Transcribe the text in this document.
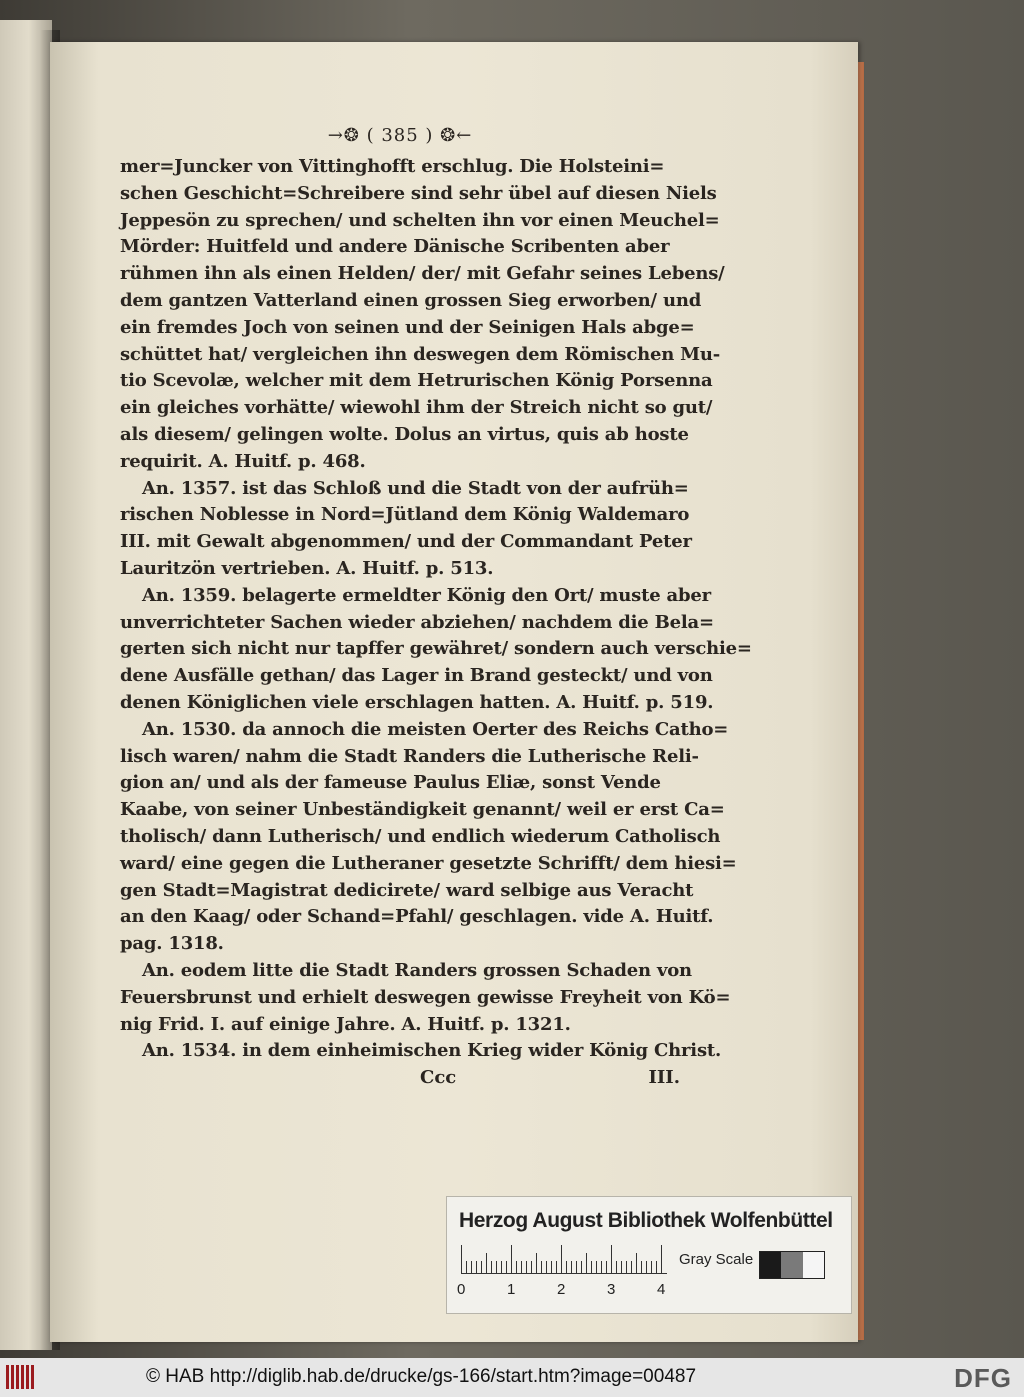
→❂ ( 385 ) ❂←
mer=Juncker von Vittinghofft erschlug. Die Holsteini=
schen Geschicht=Schreibere sind sehr übel auf diesen Niels
Jeppesön zu sprechen/ und schelten ihn vor einen Meuchel=
Mörder: Huitfeld und andere Dänische Scribenten aber
rühmen ihn als einen Helden/ der/ mit Gefahr seines Lebens/
dem gantzen Vatterland einen grossen Sieg erworben/ und
ein fremdes Joch von seinen und der Seinigen Hals abge=
schüttet hat/ vergleichen ihn deswegen dem Römischen Mu-
tio Scevolæ, welcher mit dem Hetrurischen König Porsenna
ein gleiches vorhätte/ wiewohl ihm der Streich nicht so gut/
als diesem/ gelingen wolte. Dolus an virtus, quis ab hoste
requirit. A. Huitf. p. 468.
An. 1357. ist das Schloß und die Stadt von der aufrüh=
rischen Noblesse in Nord=Jütland dem König Waldemaro
III. mit Gewalt abgenommen/ und der Commandant Peter
Lauritzön vertrieben. A. Huitf. p. 513.
An. 1359. belagerte ermeldter König den Ort/ muste aber
unverrichteter Sachen wieder abziehen/ nachdem die Bela=
gerten sich nicht nur tapffer gewähret/ sondern auch verschie=
dene Ausfälle gethan/ das Lager in Brand gesteckt/ und von
denen Königlichen viele erschlagen hatten. A. Huitf. p. 519.
An. 1530. da annoch die meisten Oerter des Reichs Catho=
lisch waren/ nahm die Stadt Randers die Lutherische Reli-
gion an/ und als der fameuse Paulus Eliæ, sonst Vende
Kaabe, von seiner Unbeständigkeit genannt/ weil er erst Ca=
tholisch/ dann Lutherisch/ und endlich wiederum Catholisch
ward/ eine gegen die Lutheraner gesetzte Schrifft/ dem hiesi=
gen Stadt=Magistrat dedicirete/ ward selbige aus Veracht
an den Kaag/ oder Schand=Pfahl/ geschlagen. vide A. Huitf.
pag. 1318.
An. eodem litte die Stadt Randers grossen Schaden von
Feuersbrunst und erhielt deswegen gewisse Freyheit von Kö=
nig Frid. I. auf einige Jahre. A. Huitf. p. 1321.
An. 1534. in dem einheimischen Krieg wider König Christ.
Ccc	III.
Herzog August Bibliothek Wolfenbüttel
0	1	2	3	4
Gray Scale
© HAB http://diglib.hab.de/drucke/gs-166/start.htm?image=00487	DFG
